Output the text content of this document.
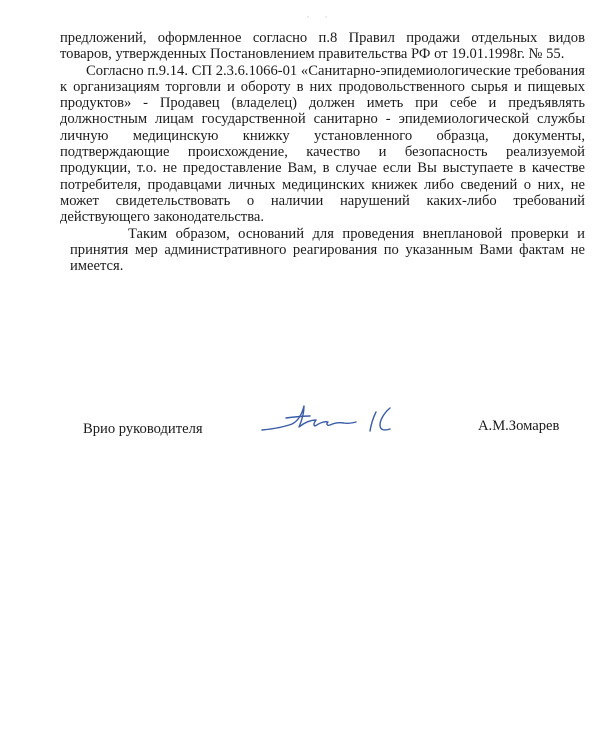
предложений, оформленное согласно п.8 Правил продажи отдельных видов товаров, утвержденных Постановлением правительства РФ от 19.01.1998г. № 55.

Согласно п.9.14. СП 2.3.6.1066-01 «Санитарно-эпидемиологические требования к организациям торговли и обороту в них продовольственного сырья и пищевых продуктов» - Продавец (владелец) должен иметь при себе и предъявлять должностным лицам государственной санитарно - эпидемиологической службы личную медицинскую книжку установленного образца, документы, подтверждающие происхождение, качество и безопасность реализуемой продукции, т.о. не предоставление Вам, в случае если Вы выступаете в качестве потребителя, продавцами личных медицинских книжек либо сведений о них, не может свидетельствовать о наличии нарушений каких-либо требований действующего законодательства.

Таким образом, оснований для проведения внеплановой проверки и принятия мер административного реагирования по указанным Вами фактам не имеется.

Врио руководителя	А.М.Зомарев
